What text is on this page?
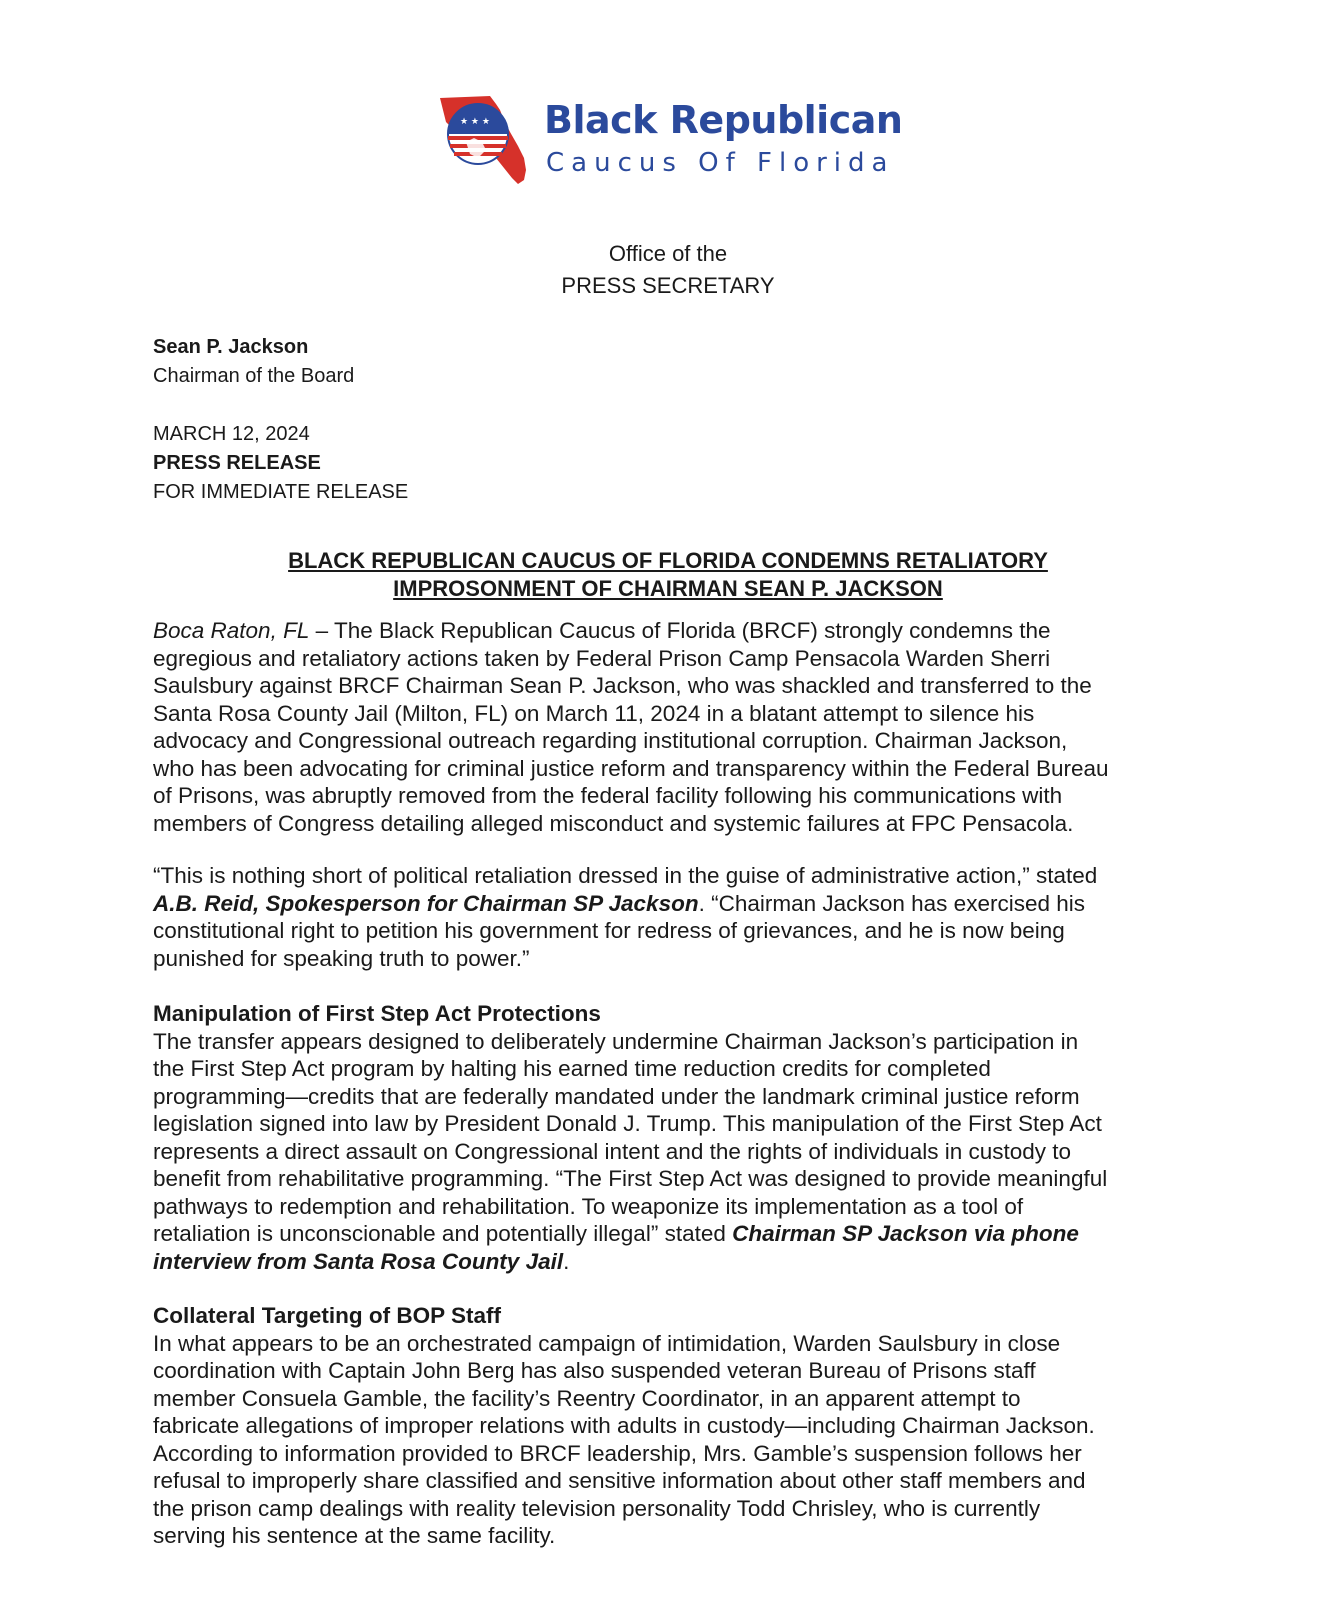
★ ★ ★ Black Republican
Caucus Of Florida
Office of the
PRESS SECRETARY
Sean P. Jackson
Chairman of the Board
MARCH 12, 2024
PRESS RELEASE
FOR IMMEDIATE RELEASE
BLACK REPUBLICAN CAUCUS OF FLORIDA CONDEMNS RETALIATORY
IMPROSONMENT OF CHAIRMAN SEAN P. JACKSON
Boca Raton, FL – The Black Republican Caucus of Florida (BRCF) strongly condemns the
egregious and retaliatory actions taken by Federal Prison Camp Pensacola Warden Sherri
Saulsbury against BRCF Chairman Sean P. Jackson, who was shackled and transferred to the
Santa Rosa County Jail (Milton, FL) on March 11, 2024 in a blatant attempt to silence his
advocacy and Congressional outreach regarding institutional corruption. Chairman Jackson,
who has been advocating for criminal justice reform and transparency within the Federal Bureau
of Prisons, was abruptly removed from the federal facility following his communications with
members of Congress detailing alleged misconduct and systemic failures at FPC Pensacola.
“This is nothing short of political retaliation dressed in the guise of administrative action,” stated
A.B. Reid, Spokesperson for Chairman SP Jackson. “Chairman Jackson has exercised his
constitutional right to petition his government for redress of grievances, and he is now being
punished for speaking truth to power.”
Manipulation of First Step Act Protections
The transfer appears designed to deliberately undermine Chairman Jackson’s participation in
the First Step Act program by halting his earned time reduction credits for completed
programming—credits that are federally mandated under the landmark criminal justice reform
legislation signed into law by President Donald J. Trump. This manipulation of the First Step Act
represents a direct assault on Congressional intent and the rights of individuals in custody to
benefit from rehabilitative programming. “The First Step Act was designed to provide meaningful
pathways to redemption and rehabilitation. To weaponize its implementation as a tool of
retaliation is unconscionable and potentially illegal” stated Chairman SP Jackson via phone
interview from Santa Rosa County Jail.
Collateral Targeting of BOP Staff
In what appears to be an orchestrated campaign of intimidation, Warden Saulsbury in close
coordination with Captain John Berg has also suspended veteran Bureau of Prisons staff
member Consuela Gamble, the facility’s Reentry Coordinator, in an apparent attempt to
fabricate allegations of improper relations with adults in custody—including Chairman Jackson.
According to information provided to BRCF leadership, Mrs. Gamble’s suspension follows her
refusal to improperly share classified and sensitive information about other staff members and
the prison camp dealings with reality television personality Todd Chrisley, who is currently
serving his sentence at the same facility.
